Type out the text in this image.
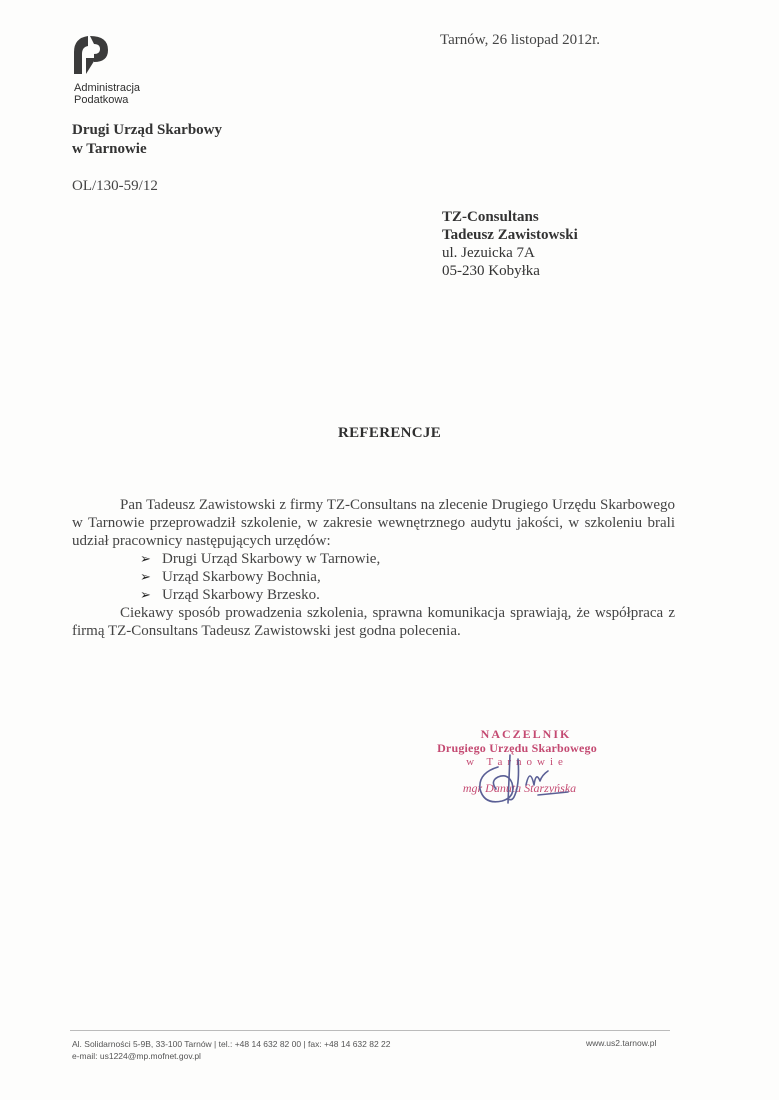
Administracja
Podatkowa
Drugi Urząd Skarbowy
w Tarnowie
OL/130-59/12
Tarnów, 26 listopad 2012r.
TZ-Consultans
Tadeusz Zawistowski
ul. Jezuicka 7A
05-230 Kobyłka
REFERENCJE

Pan Tadeusz Zawistowski z firmy TZ-Consultans na zlecenie Drugiego Urzędu Skarbowego w Tarnowie przeprowadził szkolenie, w zakresie wewnętrznego audytu jakości, w szkoleniu brali udział pracownicy następujących urzędów:

➢ Drugi Urząd Skarbowy w Tarnowie,
➢ Urząd Skarbowy Bochnia,
➢ Urząd Skarbowy Brzesko.

Ciekawy sposób prowadzenia szkolenia, sprawna komunikacja sprawiają, że współpraca z firmą TZ-Consultans Tadeusz Zawistowski jest godna polecenia.

NACZELNIK
Drugiego Urzędu Skarbowego
w Tarnowie
mgr Danuta Starzyńska
Al. Solidarności 5-9B, 33-100 Tarnów | tel.: +48 14 632 82 00 | fax: +48 14 632 82 22
e-mail: us1224@mp.mofnet.gov.pl
www.us2.tarnow.pl
